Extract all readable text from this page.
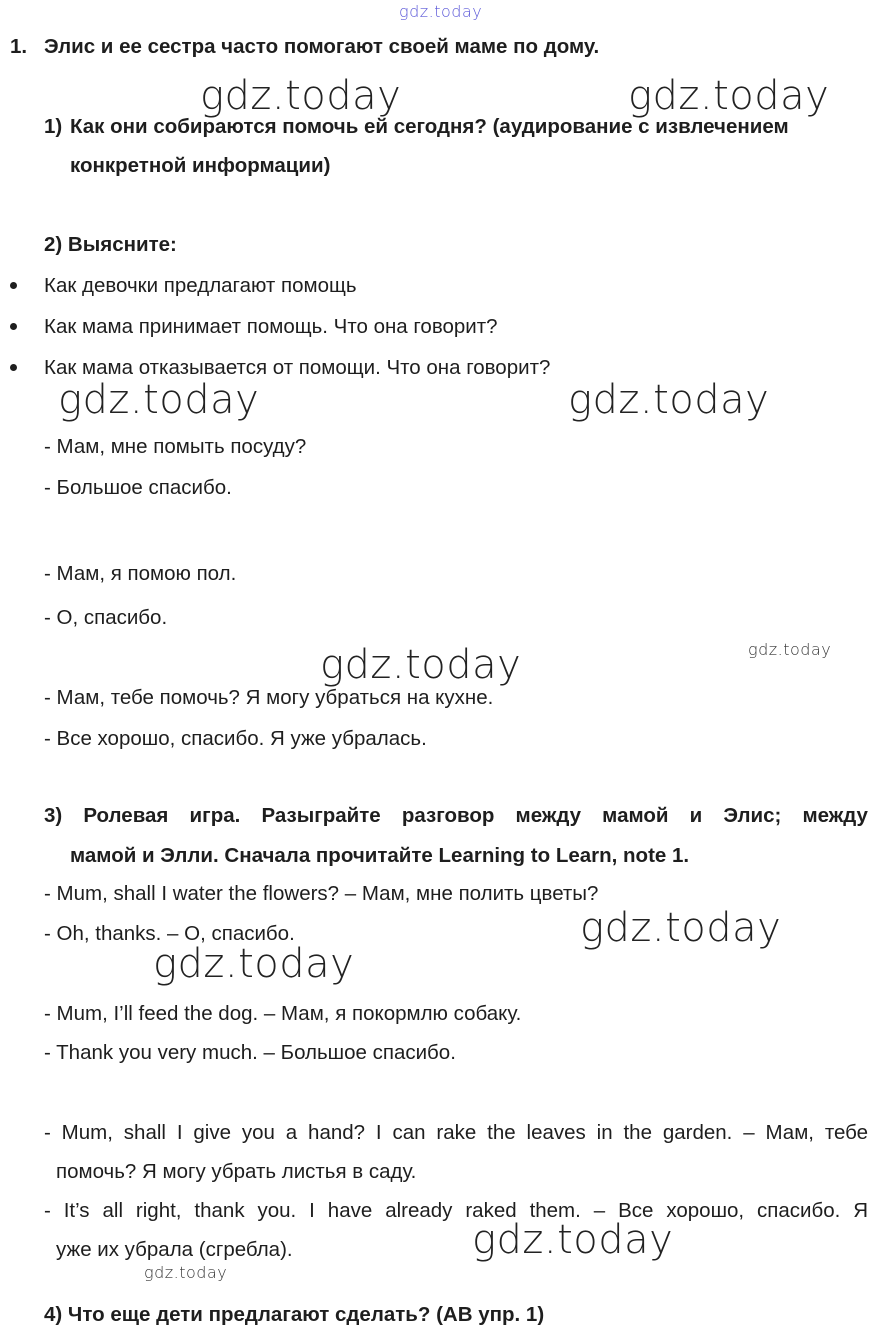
gdz.today
1. Элис и ее сестра часто помогают своей маме по дому.
1) Как они собираются помочь ей сегодня? (аудирование с извлечением
конкретной информации)
2) Выясните:
Как девочки предлагают помощь
Как мама принимает помощь. Что она говорит?
Как мама отказывается от помощи. Что она говорит?
- Мам, мне помыть посуду?
- Большое спасибо.
- Мам, я помою пол.
- О, спасибо.
- Мам, тебе помочь? Я могу убраться на кухне.
- Все хорошо, спасибо. Я уже убралась.
3) Ролевая игра. Разыграйте разговор между мамой и Элис; между
мамой и Элли. Сначала прочитайте Learning to Learn, note 1.
- Mum, shall I water the flowers? – Мам, мне полить цветы?
- Oh, thanks. – О, спасибо.
- Mum, I’ll feed the dog. – Мам, я покормлю собаку.
- Thank you very much. – Большое спасибо.
- Mum, shall I give you a hand? I can rake the leaves in the garden. – Мам, тебе
помочь? Я могу убрать листья в саду.
- It’s all right, thank you. I have already raked them. – Все хорошо, спасибо. Я
уже их убрала (сгребла).
4) Что еще дети предлагают сделать? (АВ упр. 1)
gdz.today	gdz.today
gdz.today	gdz.today
gdz.today	gdz.today
gdz.today
gdz.today
gdz.today
gdz.today
